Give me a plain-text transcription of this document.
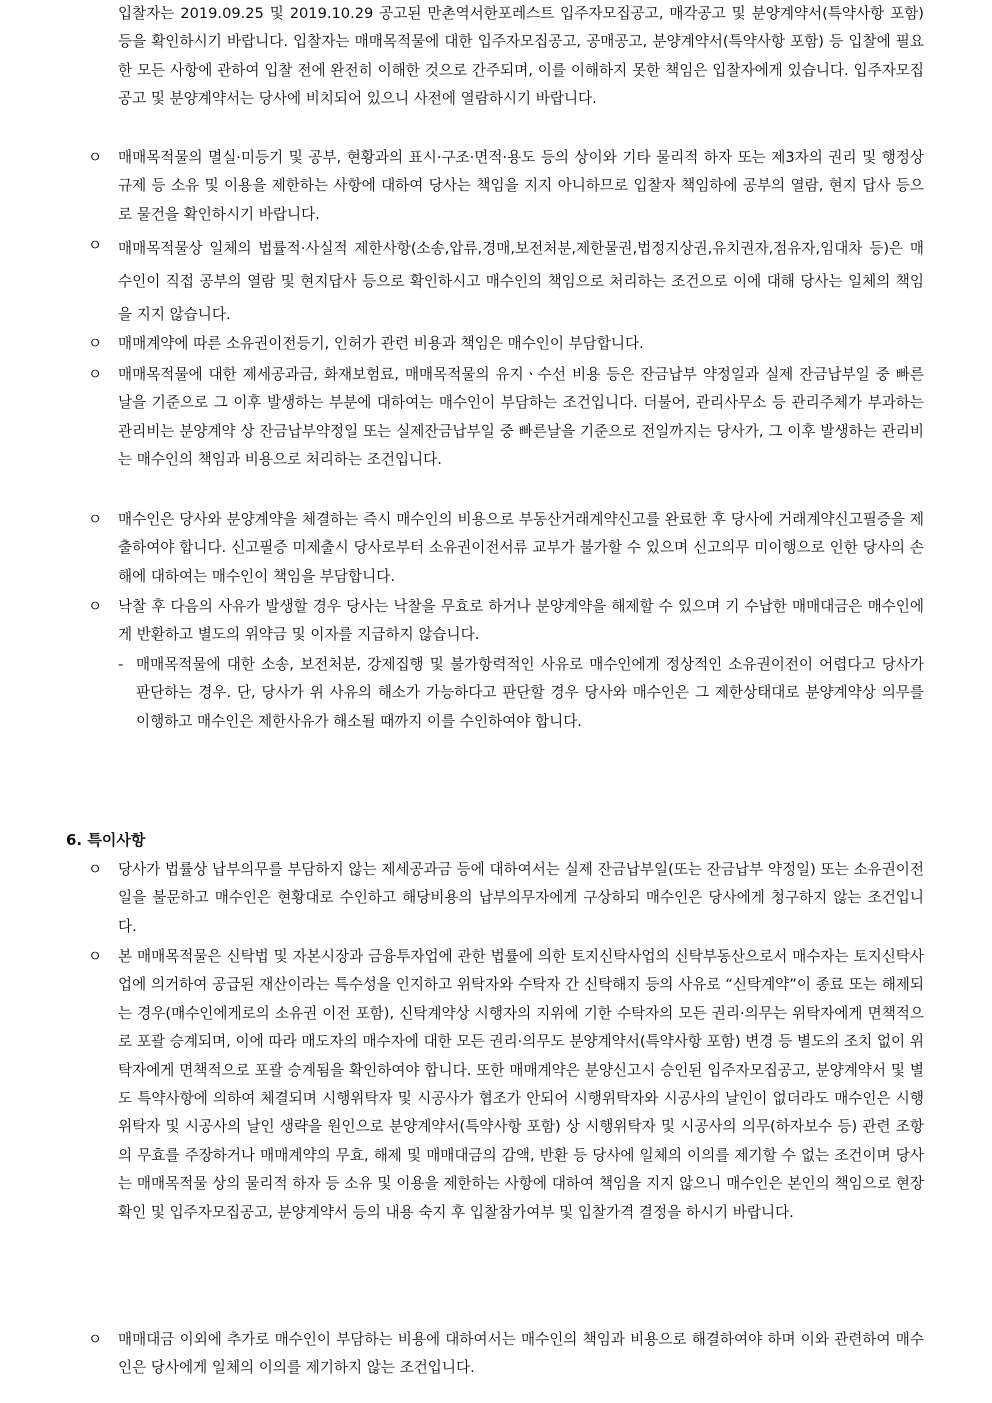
입찰자는 2019.09.25 및 2019.10.29 공고된 만촌역서한포레스트 입주자모집공고, 매각공고 및 분양계약서(특약사항 포함) 등을 확인하시기 바랍니다. 입찰자는 매매목적물에 대한 입주자모집공고, 공매공고, 분양계약서(특약사항 포함) 등 입찰에 필요한 모든 사항에 관하여 입찰 전에 완전히 이해한 것으로 간주되며, 이를 이해하지 못한 책임은 입찰자에게 있습니다. 입주자모집공고 및 분양계약서는 당사에 비치되어 있으니 사전에 열람하시기 바랍니다.
ㅇ	매매목적물의 멸실·미등기 및 공부, 현황과의 표시·구조·면적·용도 등의 상이와 기타 물리적 하자 또는 제3자의 권리 및 행정상 규제 등 소유 및 이용을 제한하는 사항에 대하여 당사는 책임을 지지 아니하므로 입찰자 책임하에 공부의 열람, 현지 답사 등으로 물건을 확인하시기 바랍니다.
ㅇ	매매목적물상 일체의 법률적·사실적 제한사항(소송,압류,경매,보전처분,제한물권,법정지상권,유치권자,점유자,임대차 등)은 매수인이 직접 공부의 열람 및 현지답사 등으로 확인하시고 매수인의 책임으로 처리하는 조건으로 이에 대해 당사는 일체의 책임을 지지 않습니다.
ㅇ	매매계약에 따른 소유권이전등기, 인허가 관련 비용과 책임은 매수인이 부담합니다.
ㅇ	매매목적물에 대한 제세공과금, 화재보험료, 매매목적물의 유지ㆍ수선 비용 등은 잔금납부 약정일과 실제 잔금납부일 중 빠른 날을 기준으로 그 이후 발생하는 부분에 대하여는 매수인이 부담하는 조건입니다. 더불어, 관리사무소 등 관리주체가 부과하는 관리비는 분양계약 상 잔금납부약정일 또는 실제잔금납부일 중 빠른날을 기준으로 전일까지는 당사가, 그 이후 발생하는 관리비는 매수인의 책임과 비용으로 처리하는 조건입니다.
ㅇ	매수인은 당사와 분양계약을 체결하는 즉시 매수인의 비용으로 부동산거래계약신고를 완료한 후 당사에 거래계약신고필증을 제출하여야 합니다. 신고필증 미제출시 당사로부터 소유권이전서류 교부가 불가할 수 있으며 신고의무 미이행으로 인한 당사의 손해에 대하여는 매수인이 책임을 부담합니다.
ㅇ	낙찰 후 다음의 사유가 발생할 경우 당사는 낙찰을 무효로 하거나 분양계약을 해제할 수 있으며 기 수납한 매매대금은 매수인에게 반환하고 별도의 위약금 및 이자를 지급하지 않습니다.
- 매매목적물에 대한 소송, 보전처분, 강제집행 및 불가항력적인 사유로 매수인에게 정상적인 소유권이전이 어렵다고 당사가 판단하는 경우. 단, 당사가 위 사유의 해소가 가능하다고 판단할 경우 당사와 매수인은 그 제한상태대로 분양계약상 의무를 이행하고 매수인은 제한사유가 해소될 때까지 이를 수인하여야 합니다.
6. 특이사항
ㅇ	당사가 법률상 납부의무를 부담하지 않는 제세공과금 등에 대하여서는 실제 잔금납부일(또는 잔금납부 약정일) 또는 소유권이전일을 불문하고 매수인은 현황대로 수인하고 해당비용의 납부의무자에게 구상하되 매수인은 당사에게 청구하지 않는 조건입니다.
ㅇ	본 매매목적물은 신탁법 및 자본시장과 금융투자업에 관한 법률에 의한 토지신탁사업의 신탁부동산으로서 매수자는 토지신탁사업에 의거하여 공급된 재산이라는 특수성을 인지하고 위탁자와 수탁자 간 신탁해지 등의 사유로 “신탁계약”이 종료 또는 해제되는 경우(매수인에게로의 소유권 이전 포함), 신탁계약상 시행자의 지위에 기한 수탁자의 모든 권리·의무는 위탁자에게 면책적으로 포괄 승계되며, 이에 따라 매도자의 매수자에 대한 모든 권리·의무도 분양계약서(특약사항 포함) 변경 등 별도의 조치 없이 위탁자에게 면책적으로 포괄 승계됨을 확인하여야 합니다. 또한 매매계약은 분양신고시 승인된 입주자모집공고, 분양계약서 및 별도 특약사항에 의하여 체결되며 시행위탁자 및 시공사가 협조가 안되어 시행위탁자와 시공사의 날인이 없더라도 매수인은 시행위탁자 및 시공사의 날인 생략을 원인으로 분양계약서(특약사항 포함) 상 시행위탁자 및 시공사의 의무(하자보수 등) 관련 조항의 무효를 주장하거나 매매계약의 무효, 해제 및 매매대금의 감액, 반환 등 당사에 일체의 이의를 제기할 수 없는 조건이며 당사는 매매목적물 상의 물리적 하자 등 소유 및 이용을 제한하는 사항에 대하여 책임을 지지 않으니 매수인은 본인의 책임으로 현장 확인 및 입주자모집공고, 분양계약서 등의 내용 숙지 후 입찰참가여부 및 입찰가격 결정을 하시기 바랍니다.
ㅇ	매매대금 이외에 추가로 매수인이 부담하는 비용에 대하여서는 매수인의 책임과 비용으로 해결하여야 하며 이와 관련하여 매수인은 당사에게 일체의 이의를 제기하지 않는 조건입니다.
